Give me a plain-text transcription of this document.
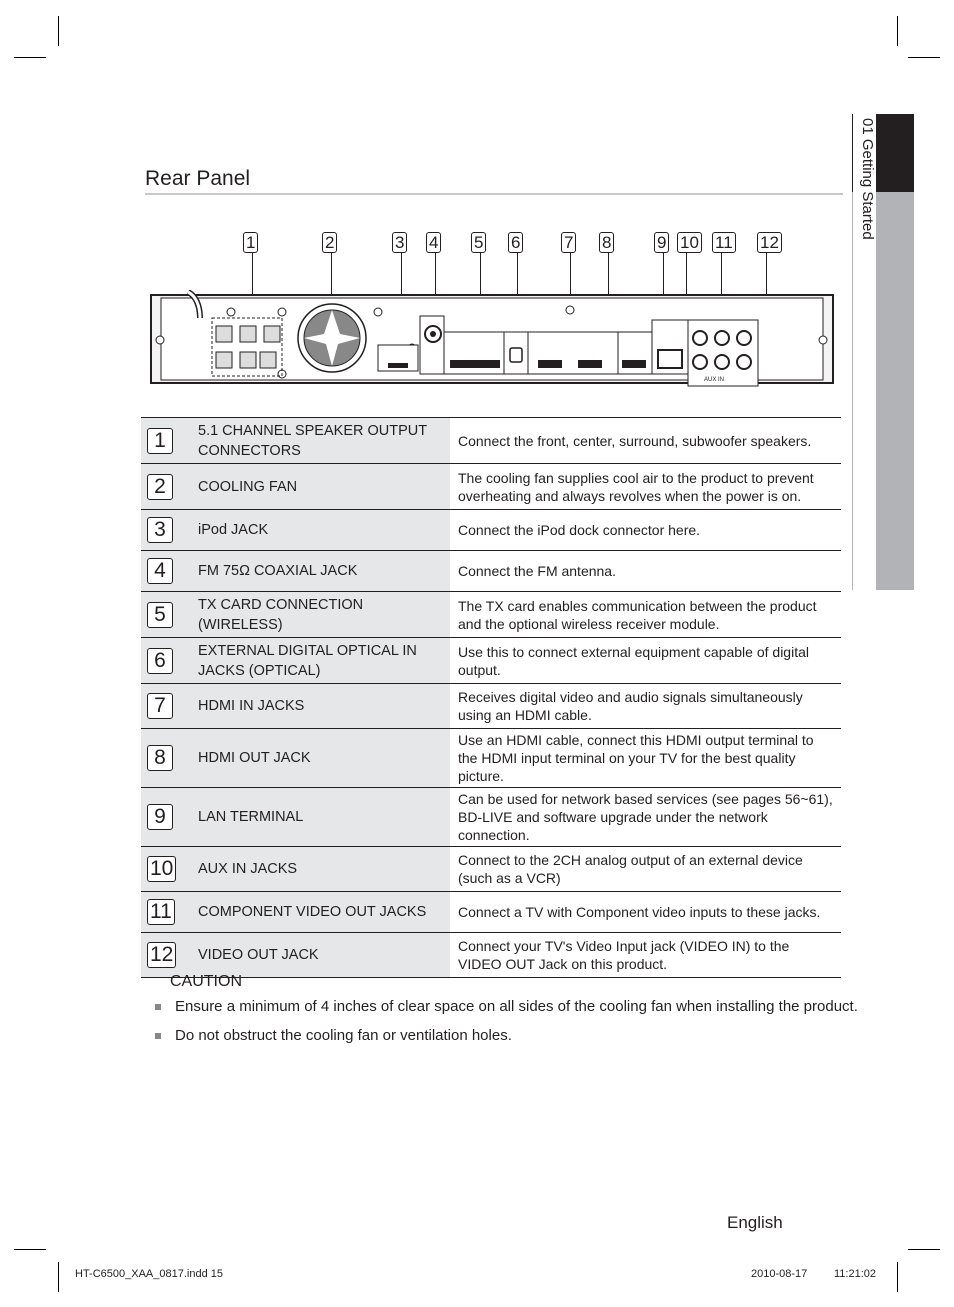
01 Getting Started
Rear Panel
1	2	3 4 5 6	7 8	9 10 11 12
AUX IN
1	5.1 CHANNEL SPEAKER OUTPUT CONNECTORS	Connect the front, center, surround, subwoofer speakers.
2	COOLING FAN	The cooling fan supplies cool air to the product to prevent overheating and always revolves when the power is on.
3	iPod JACK	Connect the iPod dock connector here.
4	FM 75Ω COAXIAL JACK	Connect the FM antenna.
5	TX CARD CONNECTION (WIRELESS)	The TX card enables communication between the product and the optional wireless receiver module.
6	EXTERNAL DIGITAL OPTICAL IN JACKS (OPTICAL)	Use this to connect external equipment capable of digital output.
7	HDMI IN JACKS	Receives digital video and audio signals simultaneously using an HDMI cable.
8	HDMI OUT JACK	Use an HDMI cable, connect this HDMI output terminal to the HDMI input terminal on your TV for the best quality picture.
9	LAN TERMINAL	Can be used for network based services (see pages 56~61), BD-LIVE and software upgrade under the network connection.
10	AUX IN JACKS	Connect to the 2CH analog output of an external device (such as a VCR)
11	COMPONENT VIDEO OUT JACKS	Connect a TV with Component video inputs to these jacks.
12	VIDEO OUT JACK	Connect your TV's Video Input jack (VIDEO IN) to the VIDEO OUT Jack on this product.
CAUTION
Ensure a minimum of 4 inches of clear space on all sides of the cooling fan when installing the product.
Do not obstruct the cooling fan or ventilation holes.
English
HT-C6500_XAA_0817.indd 15	2010-08-17 11:21:02
